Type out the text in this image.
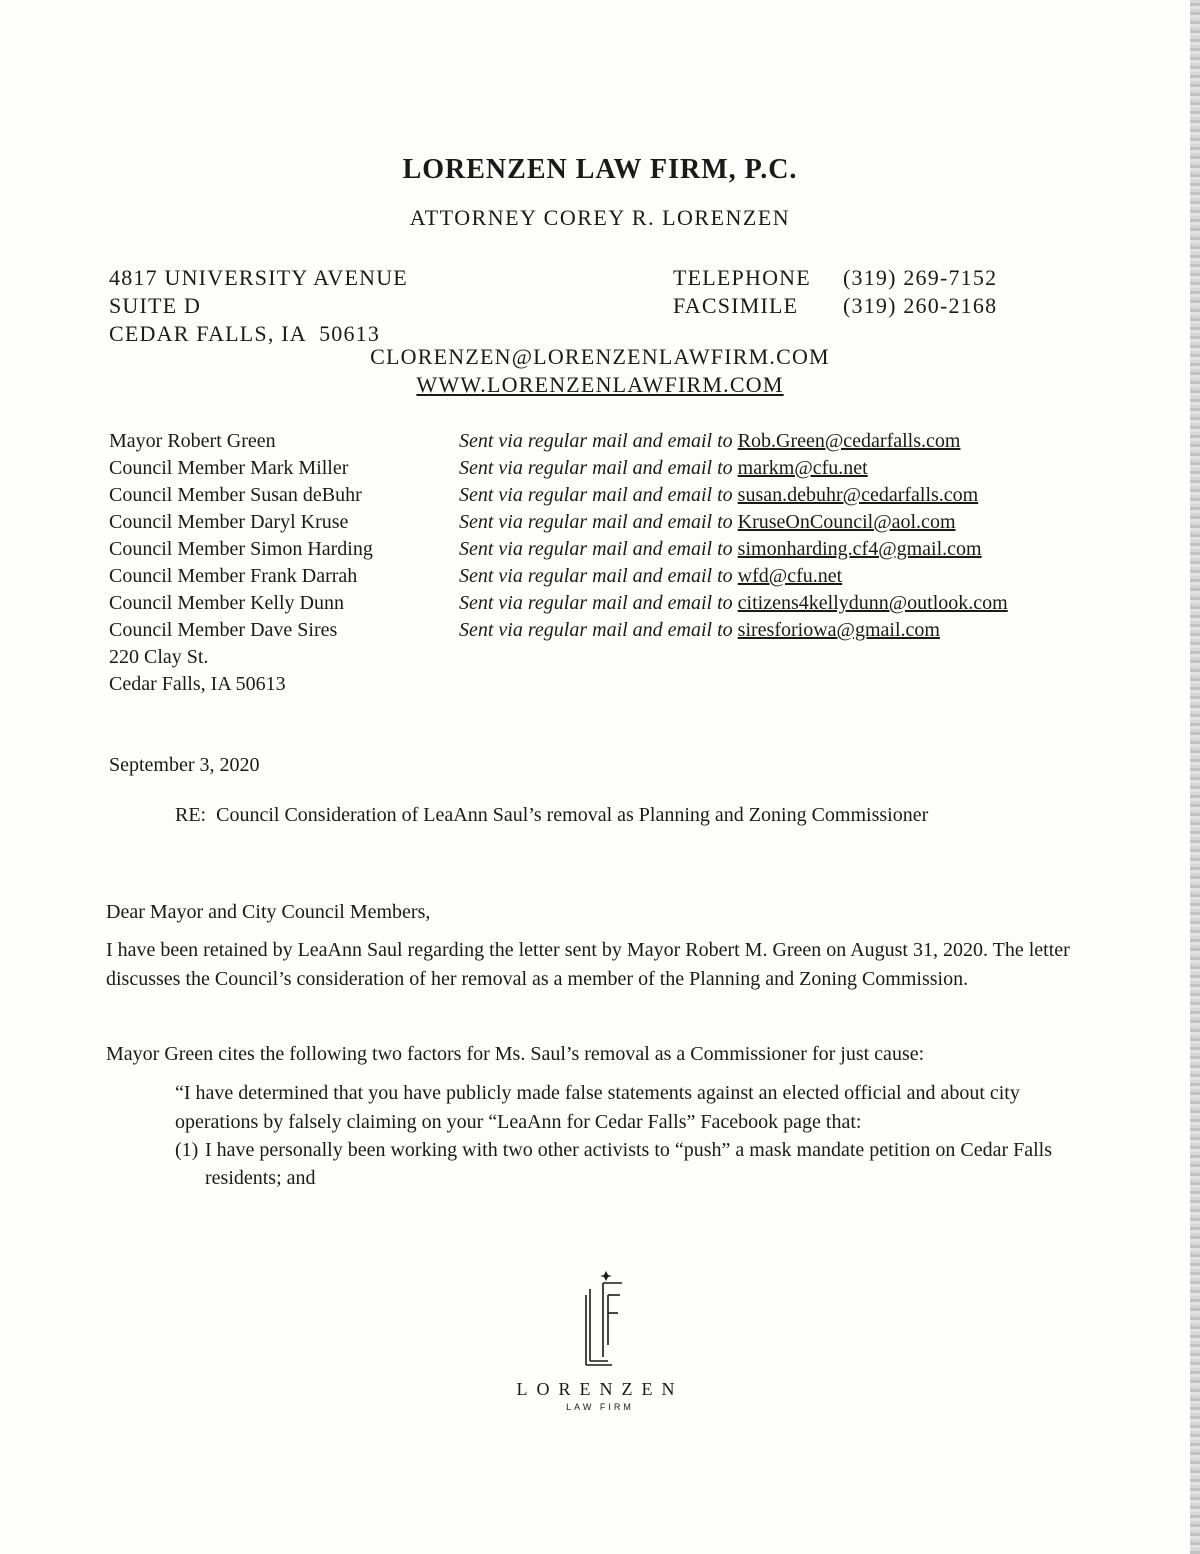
LORENZEN LAW FIRM, P.C.
ATTORNEY COREY R. LORENZEN
4817 UNIVERSITY AVENUE
SUITE D
CEDAR FALLS, IA  50613
TELEPHONE (319) 269-7152
FACSIMILE (319) 260-2168
CLORENZEN@LORENZENLAWFIRM.COM
WWW.LORENZENLAWFIRM.COM
Mayor Robert Green	Sent via regular mail and email to Rob.Green@cedarfalls.com
Council Member Mark Miller	Sent via regular mail and email to markm@cfu.net
Council Member Susan deBuhr	Sent via regular mail and email to susan.debuhr@cedarfalls.com
Council Member Daryl Kruse	Sent via regular mail and email to KruseOnCouncil@aol.com
Council Member Simon Harding	Sent via regular mail and email to simonharding.cf4@gmail.com
Council Member Frank Darrah	Sent via regular mail and email to wfd@cfu.net
Council Member Kelly Dunn	Sent via regular mail and email to citizens4kellydunn@outlook.com
Council Member Dave Sires	Sent via regular mail and email to siresforiowa@gmail.com
220 Clay St.
Cedar Falls, IA 50613
September 3, 2020
RE:  Council Consideration of LeaAnn Saul’s removal as Planning and Zoning Commissioner
Dear Mayor and City Council Members,
I have been retained by LeaAnn Saul regarding the letter sent by Mayor Robert M. Green on August 31, 2020. The letter discusses the Council’s consideration of her removal as a member of the Planning and Zoning Commission.
Mayor Green cites the following two factors for Ms. Saul’s removal as a Commissioner for just cause:
“I have determined that you have publicly made false statements against an elected official and about city operations by falsely claiming on your “LeaAnn for Cedar Falls” Facebook page that:
(1) I have personally been working with two other activists to “push” a mask mandate petition on Cedar Falls residents; and
LORENZEN
LAW FIRM
